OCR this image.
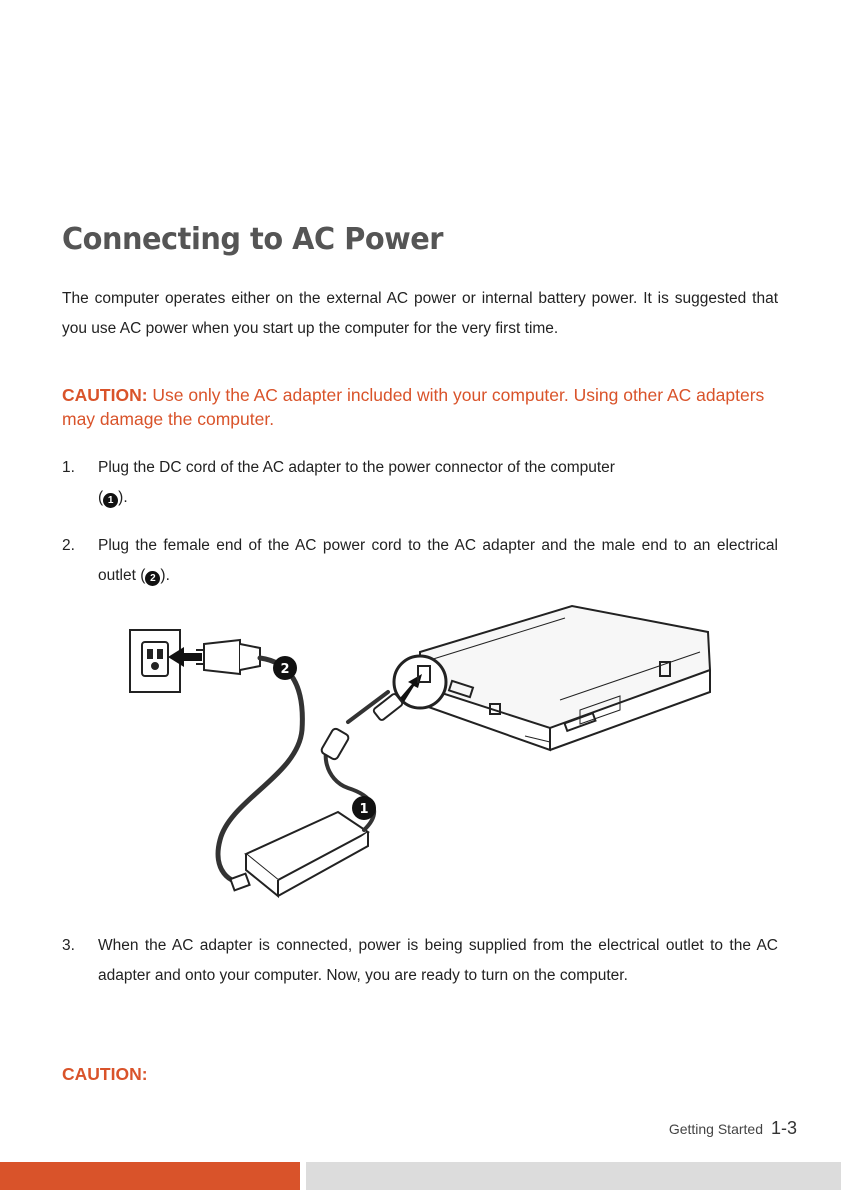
Connecting to AC Power

The computer operates either on the external AC power or internal battery power. It is suggested that you use AC power when you start up the computer for the very first time.

CAUTION: Use only the AC adapter included with your computer. Using other AC adapters may damage the computer.

1. Plug the DC cord of the AC adapter to the power connector of the computer
( 1 ).
2. Plug the female end of the AC power cord to the AC adapter and the male end to an electrical outlet ( 2 ).
2
1
3. When the AC adapter is connected, power is being supplied from the electrical outlet to the AC adapter and onto your computer. Now, you are ready to turn on the computer.

CAUTION:

Getting Started 1-3
